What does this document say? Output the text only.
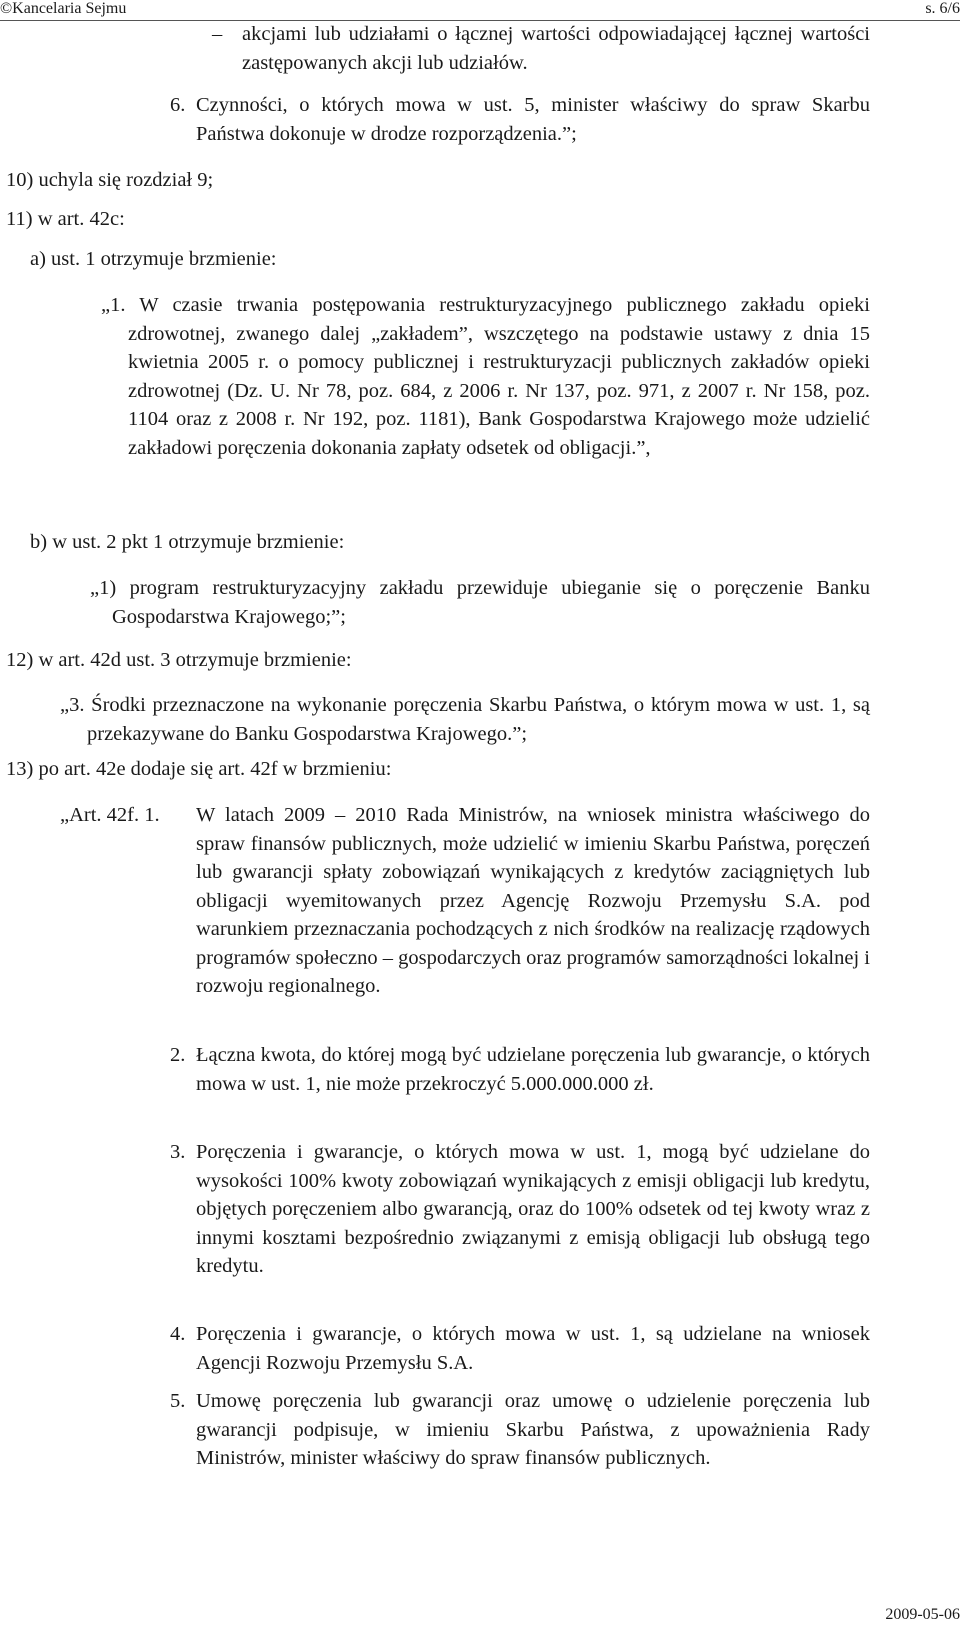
©Kancelaria Sejmu	s. 6/6
– akcjami lub udziałami o łącznej wartości odpowiadającej łącznej wartości zastępowanych akcji lub udziałów.

6. Czynności, o których mowa w ust. 5, minister właściwy do spraw Skarbu Państwa dokonuje w drodze rozporządzenia.”;

10) uchyla się rozdział 9;

11) w art. 42c:

a) ust. 1 otrzymuje brzmienie:

„1. W czasie trwania postępowania restrukturyzacyjnego publicznego zakładu opieki zdrowotnej, zwanego dalej „zakładem”, wszczętego na podstawie ustawy z dnia 15 kwietnia 2005 r. o pomocy publicznej i restrukturyzacji publicznych zakładów opieki zdrowotnej (Dz. U. Nr 78, poz. 684, z 2006 r. Nr 137, poz. 971, z 2007 r. Nr 158, poz. 1104 oraz z 2008 r. Nr 192, poz. 1181), Bank Gospodarstwa Krajowego może udzielić zakładowi poręczenia dokonania zapłaty odsetek od obligacji.”,

b) w ust. 2 pkt 1 otrzymuje brzmienie:

„1) program restrukturyzacyjny zakładu przewiduje ubieganie się o poręczenie Banku Gospodarstwa Krajowego;”;

12) w art. 42d ust. 3 otrzymuje brzmienie:

„3. Środki przeznaczone na wykonanie poręczenia Skarbu Państwa, o którym mowa w ust. 1, są przekazywane do Banku Gospodarstwa Krajowego.”;

13) po art. 42e dodaje się art. 42f w brzmieniu:

„Art. 42f. 1. W latach 2009 – 2010 Rada Ministrów, na wniosek ministra właściwego do spraw finansów publicznych, może udzielić w imieniu Skarbu Państwa, poręczeń lub gwarancji spłaty zobowiązań wynikających z kredytów zaciągniętych lub obligacji wyemitowanych przez Agencję Rozwoju Przemysłu S.A. pod warunkiem przeznaczania pochodzących z nich środków na realizację rządowych programów społeczno – gospodarczych oraz programów samorządności lokalnej i rozwoju regionalnego.

2. Łączna kwota, do której mogą być udzielane poręczenia lub gwarancje, o których mowa w ust. 1, nie może przekroczyć 5.000.000.000 zł.

3. Poręczenia i gwarancje, o których mowa w ust. 1, mogą być udzielane do wysokości 100% kwoty zobowiązań wynikających z emisji obligacji lub kredytu, objętych poręczeniem albo gwarancją, oraz do 100% odsetek od tej kwoty wraz z innymi kosztami bezpośrednio związanymi z emisją obligacji lub obsługą tego kredytu.

4. Poręczenia i gwarancje, o których mowa w ust. 1, są udzielane na wniosek Agencji Rozwoju Przemysłu S.A.

5. Umowę poręczenia lub gwarancji oraz umowę o udzielenie poręczenia lub gwarancji podpisuje, w imieniu Skarbu Państwa, z upoważnienia Rady Ministrów, minister właściwy do spraw finansów publicznych.

2009-05-06
